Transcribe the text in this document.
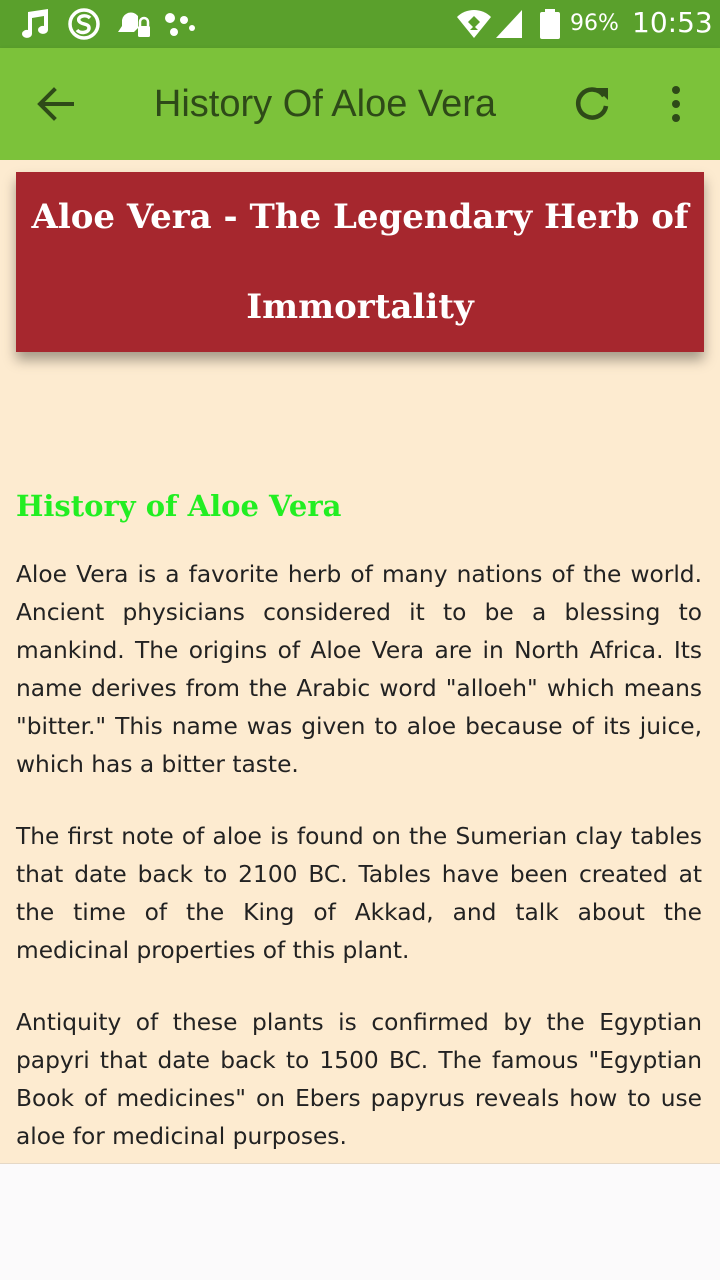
96% 10:53
History Of Aloe Vera
Aloe Vera - The Legendary Herb of Immortality
History of Aloe Vera

Aloe Vera is a favorite herb of many nations of the world. Ancient physicians considered it to be a blessing to mankind. The origins of Aloe Vera are in North Africa. Its name derives from the Arabic word "alloeh" which means "bitter." This name was given to aloe because of its juice, which has a bitter taste.

The first note of aloe is found on the Sumerian clay tables that date back to 2100 BC. Tables have been created at the time of the King of Akkad, and talk about the medicinal properties of this plant.

Antiquity of these plants is confirmed by the Egyptian papyri that date back to 1500 BC. The famous "Egyptian Book of medicines" on Ebers papyrus reveals how to use aloe for medicinal purposes.
